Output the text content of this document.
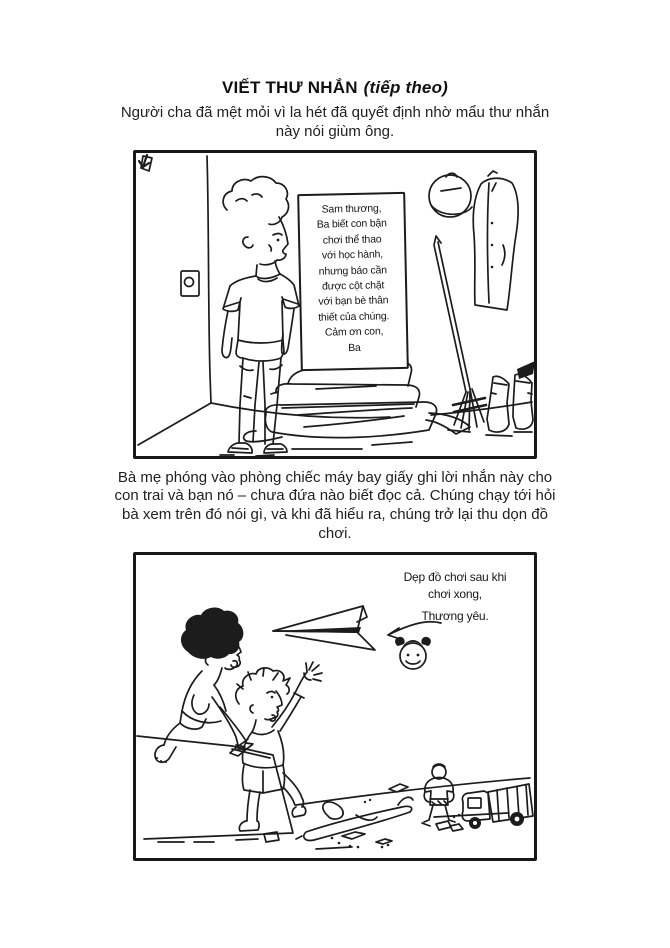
VIẾT THƯ NHẮN (tiếp theo)

Người cha đã mệt mỏi vì la hét đã quyết định nhờ mẩu thư nhắn này nói giùm ông.

Sam thương,
Ba biết con bận
chơi thể thao
với học hành,
nhưng báo cần
được cột chặt
với bạn bè thân
thiết của chúng.
Cảm ơn con,
Ba

Bà mẹ phóng vào phòng chiếc máy bay giấy ghi lời nhắn này cho con trai và bạn nó – chưa đứa nào biết đọc cả. Chúng chạy tới hỏi bà xem trên đó nói gì, và khi đã hiểu ra, chúng trở lại thu dọn đồ chơi.

Dẹp đồ chơi sau khi
chơi xong,
Thương yêu.
